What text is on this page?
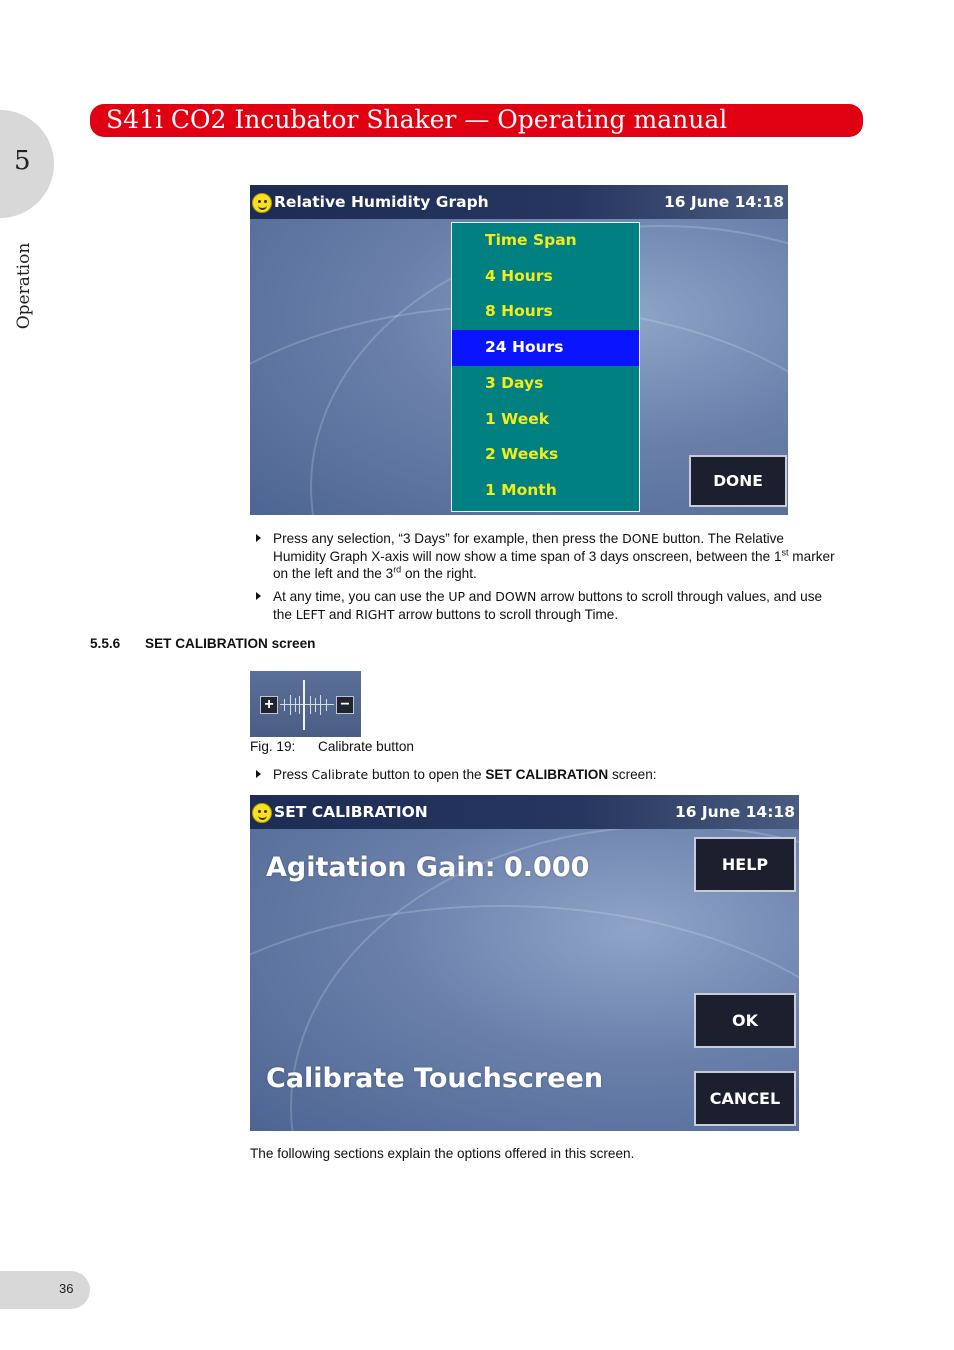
5
Operation
S41i CO2 Incubator Shaker — Operating manual
Relative Humidity Graph	16 June 14:18
Time Span
4 Hours
8 Hours
24 Hours
3 Days
1 Week
2 Weeks
1 Month	DONE
Press any selection, “3 Days” for example, then press the DONE button. The Relative
Humidity Graph X-axis will now show a time span of 3 days onscreen, between the 1st marker
on the left and the 3rd on the right.
At any time, you can use the UP and DOWN arrow buttons to scroll through values, and use
the LEFT and RIGHT arrow buttons to scroll through Time.
5.5.6 SET CALIBRATION screen
+	−
Fig. 19: Calibrate button
Press Calibrate button to open the SET CALIBRATION screen:
SET CALIBRATION	16 June 14:18
Agitation Gain: 0.000
Calibrate Touchscreen
HELP
OK
CANCEL
The following sections explain the options offered in this screen.
36
